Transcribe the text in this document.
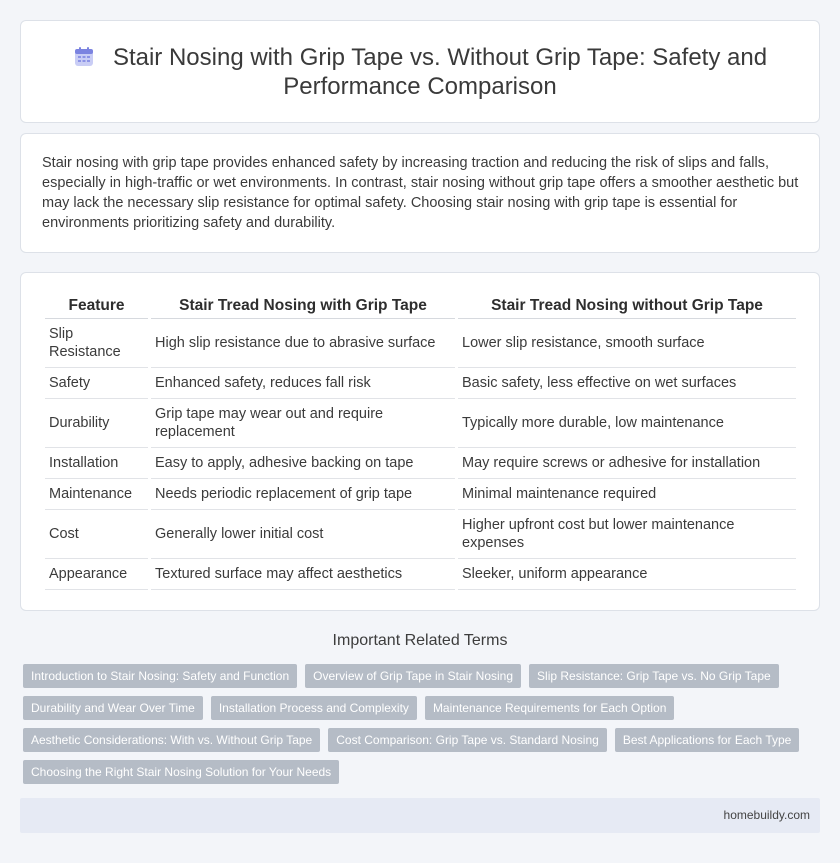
Stair Nosing with Grip Tape vs. Without Grip Tape: Safety and Performance Comparison

Stair nosing with grip tape provides enhanced safety by increasing traction and reducing the risk of slips and falls, especially in high-traffic or wet environments. In contrast, stair nosing without grip tape offers a smoother aesthetic but may lack the necessary slip resistance for optimal safety. Choosing stair nosing with grip tape is essential for environments prioritizing safety and durability.

Feature	Stair Tread Nosing with Grip Tape	Stair Tread Nosing without Grip Tape
Slip Resistance	High slip resistance due to abrasive surface	Lower slip resistance, smooth surface
Safety	Enhanced safety, reduces fall risk	Basic safety, less effective on wet surfaces
Durability	Grip tape may wear out and require replacement	Typically more durable, low maintenance
Installation	Easy to apply, adhesive backing on tape	May require screws or adhesive for installation
Maintenance	Needs periodic replacement of grip tape	Minimal maintenance required
Cost	Generally lower initial cost	Higher upfront cost but lower maintenance expenses
Appearance	Textured surface may affect aesthetics	Sleeker, uniform appearance
Important Related Terms
Introduction to Stair Nosing: Safety and Function	Overview of Grip Tape in Stair Nosing	Slip Resistance: Grip Tape vs. No Grip Tape
Durability and Wear Over Time	Installation Process and Complexity	Maintenance Requirements for Each Option
Aesthetic Considerations: With vs. Without Grip Tape	Cost Comparison: Grip Tape vs. Standard Nosing	Best Applications for Each Type
Choosing the Right Stair Nosing Solution for Your Needs
homebuildy.com
